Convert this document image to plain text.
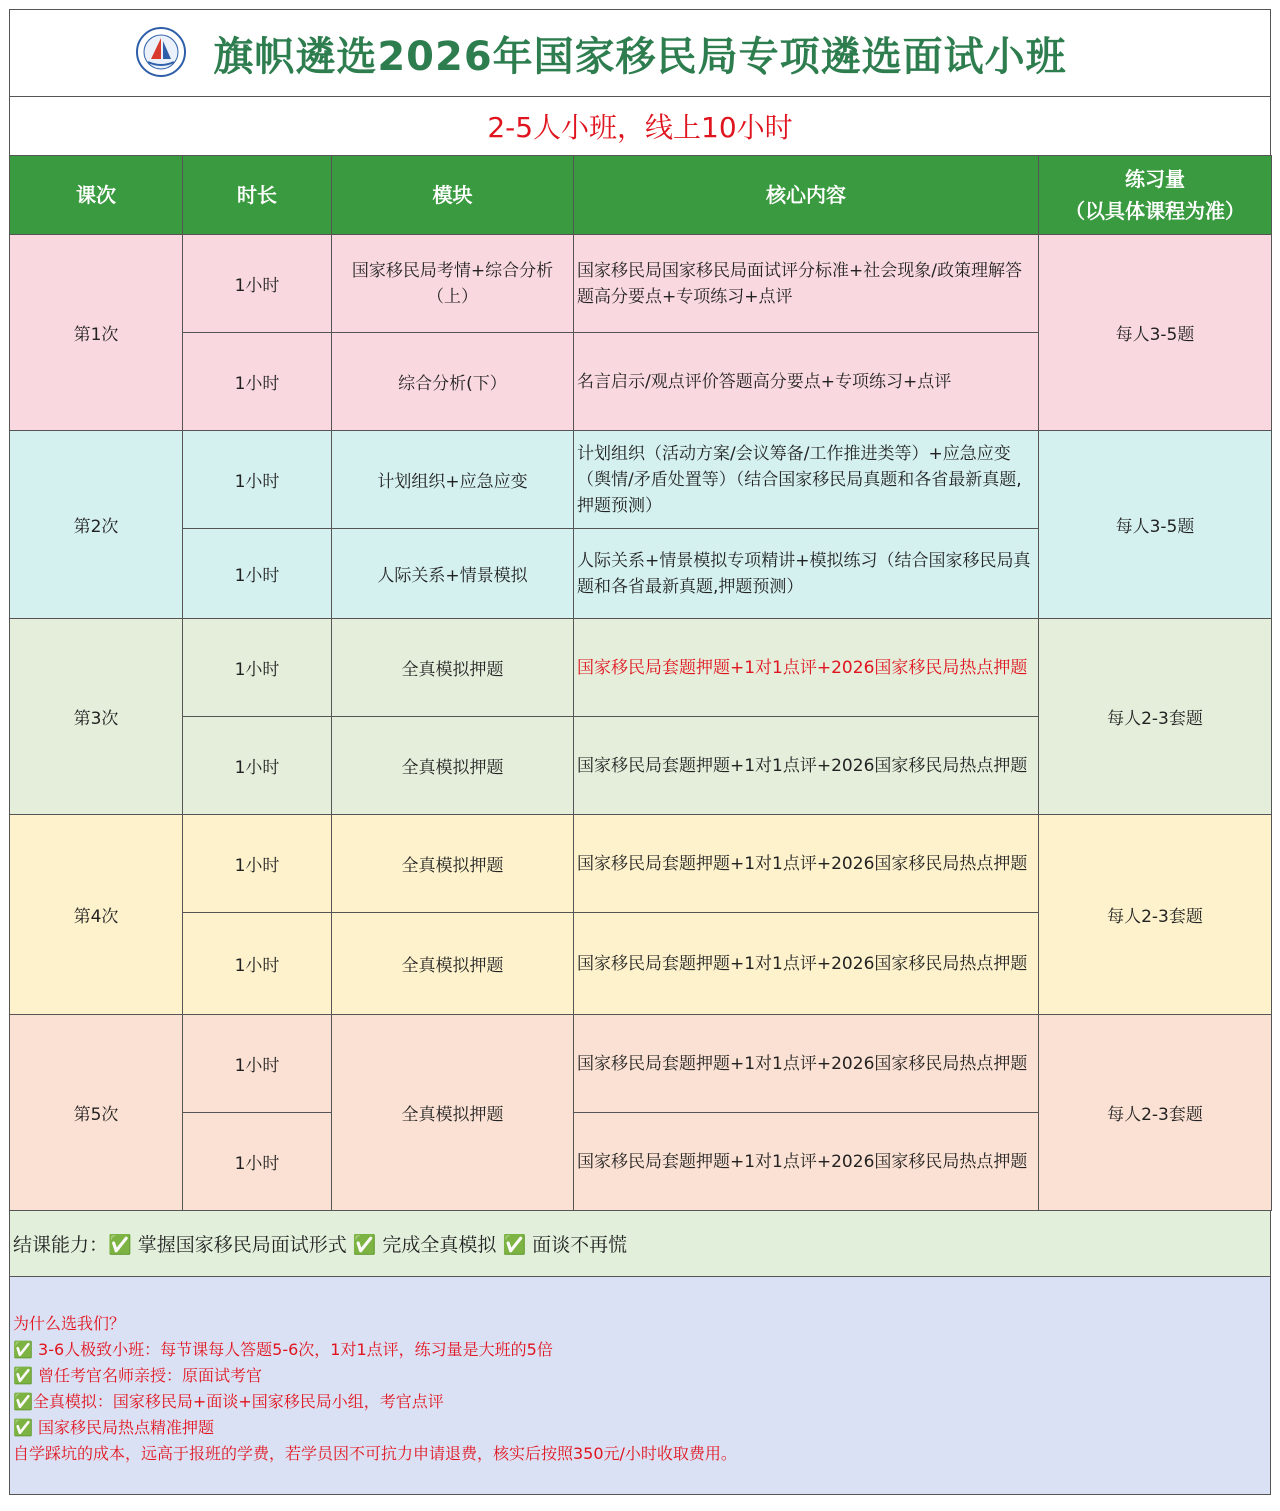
旗帜遴选2026年国家移民局专项遴选面试小班
2-5人小班，线上10小时
课次	时长	模块	核心内容	练习量
（以具体课程为准）
第1次	1小时	国家移民局考情+综合分析（上）	国家移民局国家移民局面试评分标准+社会现象/政策理解答题高分要点+专项练习+点评	每人3-5题
	1小时	综合分析(下）	名言启示/观点评价答题高分要点+专项练习+点评	
第2次	1小时	计划组织+应急应变	计划组织（活动方案/会议筹备/工作推进类等）+应急应变（舆情/矛盾处置等）（结合国家移民局真题和各省最新真题,押题预测）	每人3-5题
	1小时	人际关系+情景模拟	人际关系+情景模拟专项精讲+模拟练习（结合国家移民局真题和各省最新真题,押题预测）	
第3次	1小时	全真模拟押题	国家移民局套题押题+1对1点评+2026国家移民局热点押题	每人2-3套题
	1小时	全真模拟押题	国家移民局套题押题+1对1点评+2026国家移民局热点押题	
第4次	1小时	全真模拟押题	国家移民局套题押题+1对1点评+2026国家移民局热点押题	每人2-3套题
	1小时	全真模拟押题	国家移民局套题押题+1对1点评+2026国家移民局热点押题	
第5次	1小时	全真模拟押题	国家移民局套题押题+1对1点评+2026国家移民局热点押题	每人2-3套题
	1小时		国家移民局套题押题+1对1点评+2026国家移民局热点押题	
结课能力：✅ 掌握国家移民局面试形式 ✅ 完成全真模拟 ✅ 面谈不再慌
为什么选我们？
✅ 3-6人极致小班：每节课每人答题5-6次，1对1点评，练习量是大班的5倍
✅ 曾任考官名师亲授：原面试考官
✅全真模拟：国家移民局+面谈+国家移民局小组，考官点评
✅ 国家移民局热点精准押题
自学踩坑的成本，远高于报班的学费，若学员因不可抗力申请退费，核实后按照350元/小时收取费用。
